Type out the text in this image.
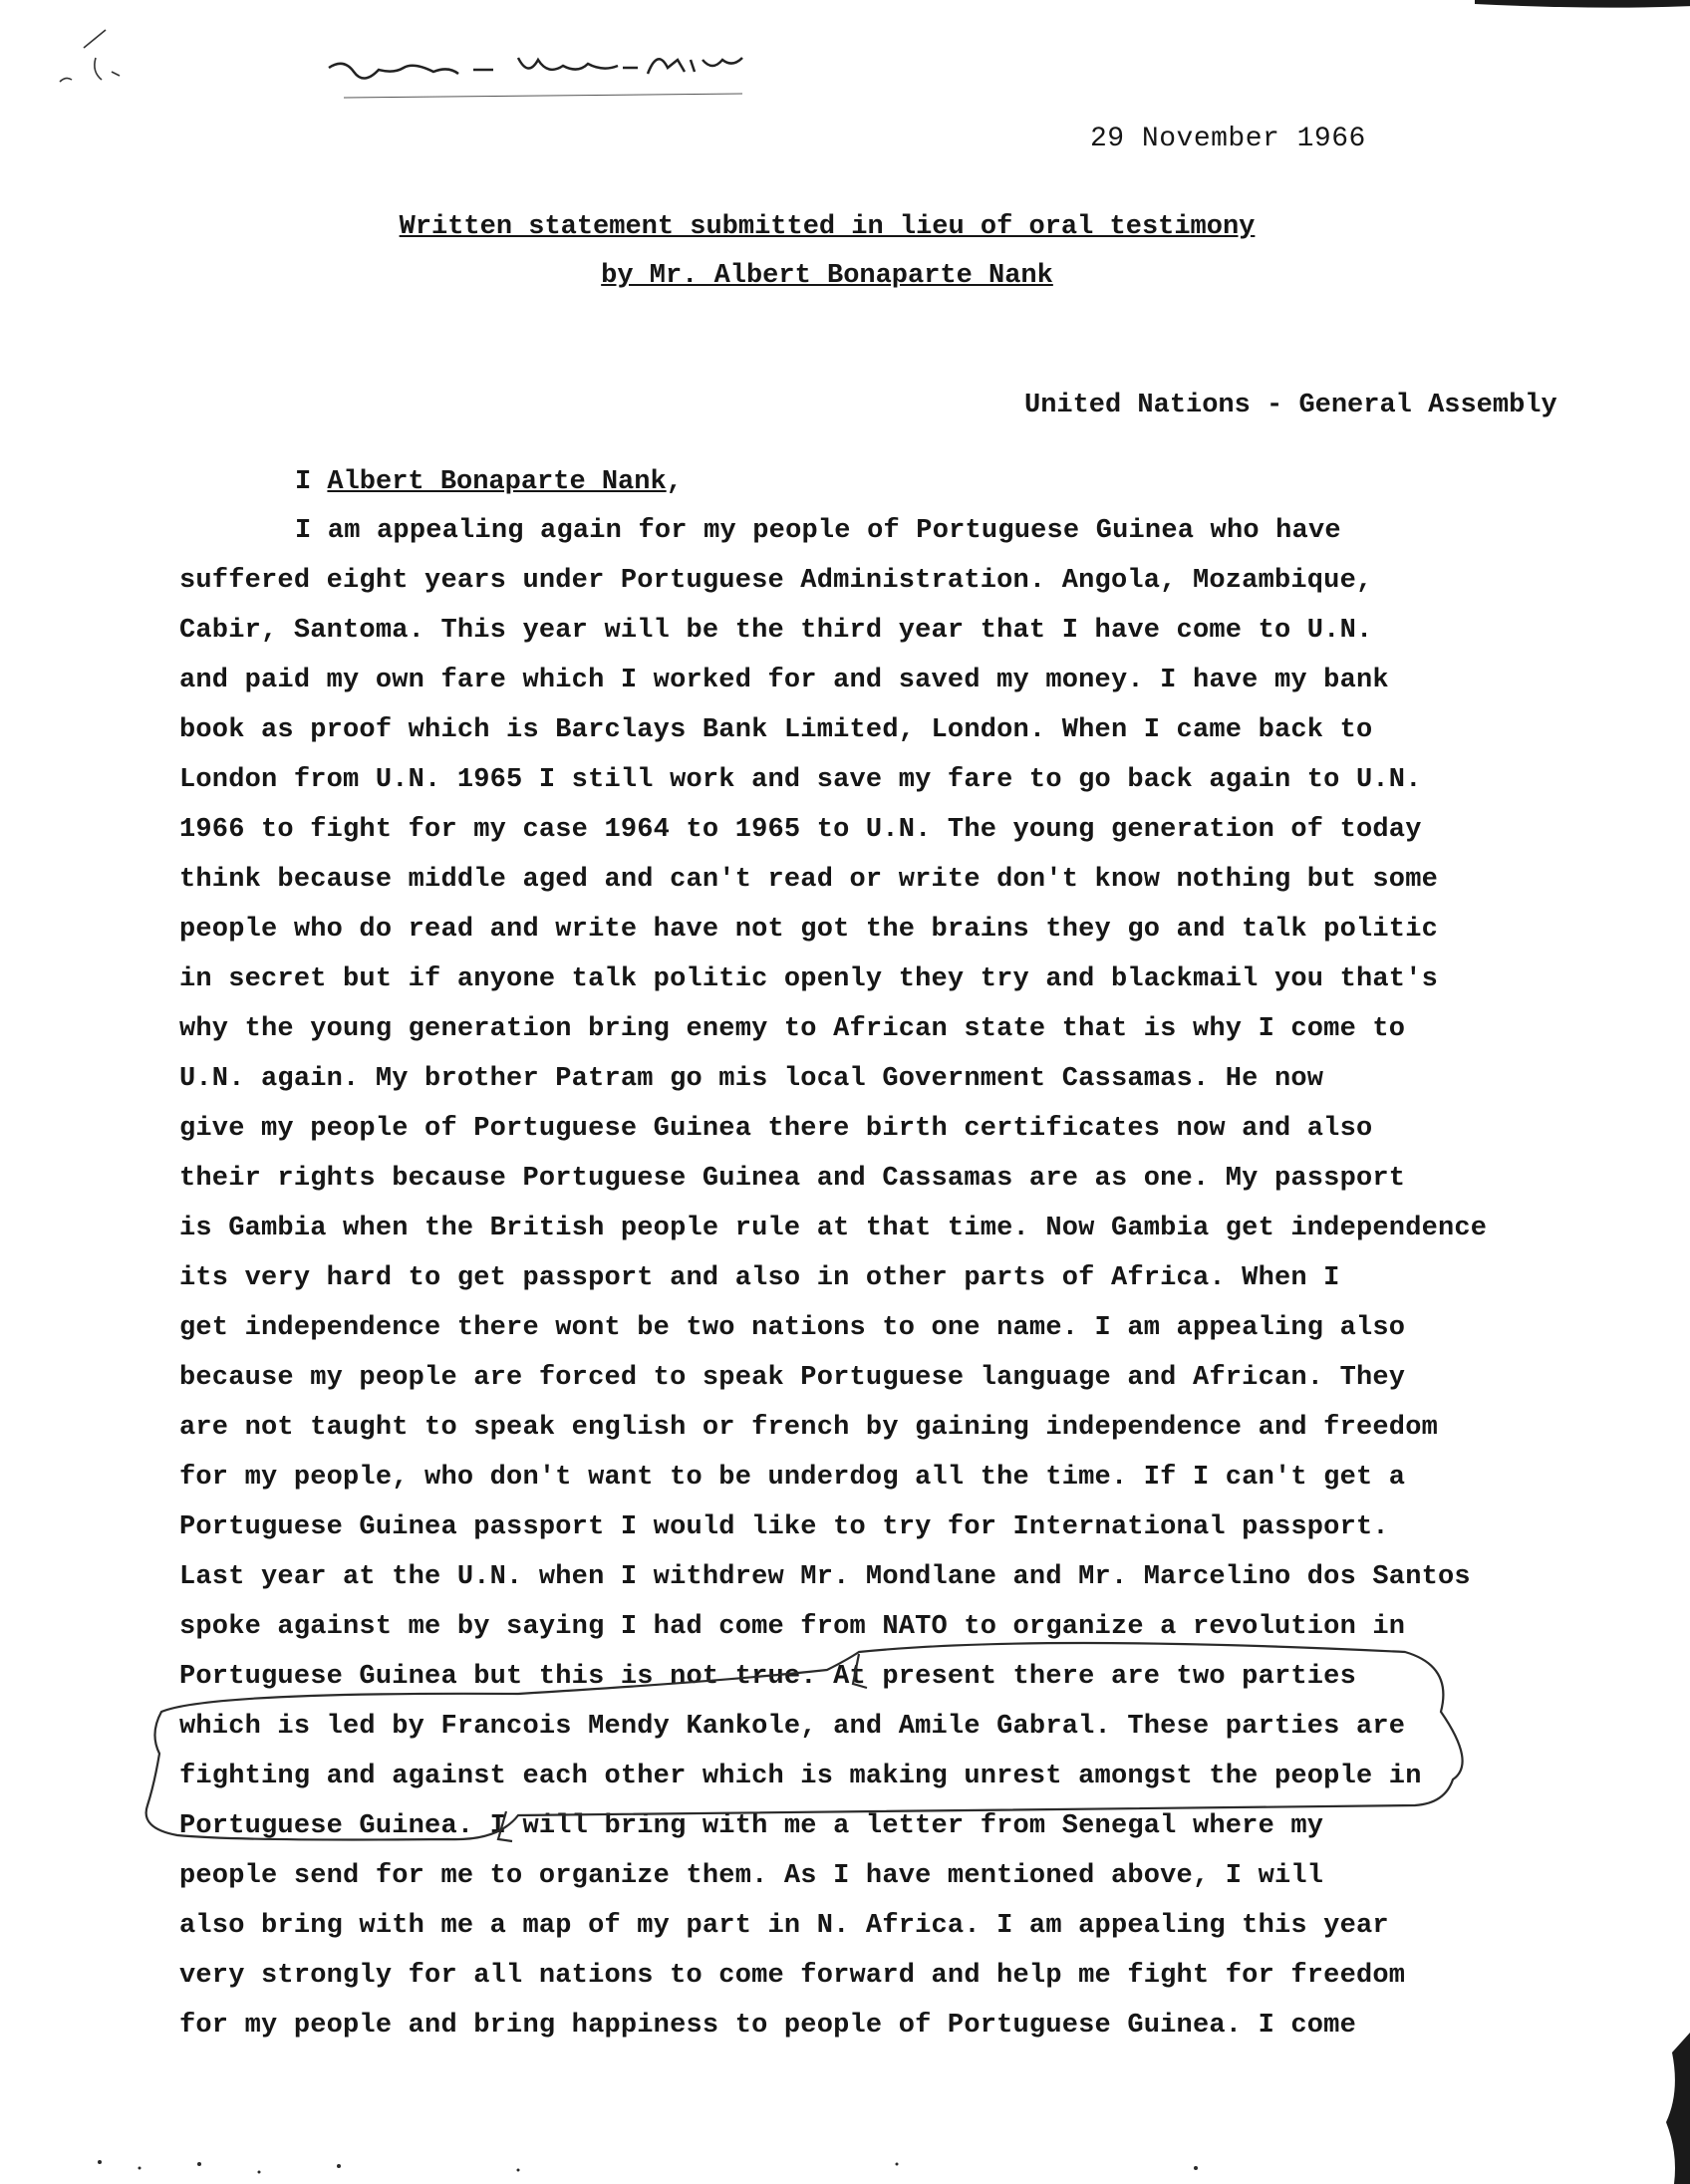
29 November 1966
Written statement submitted in lieu of oral testimony
by Mr. Albert Bonaparte Nank
United Nations - General Assembly
I Albert Bonaparte Nank,
I am appealing again for my people of Portuguese Guinea who have
suffered eight years under Portuguese Administration. Angola, Mozambique,
Cabir, Santoma. This year will be the third year that I have come to U.N.
and paid my own fare which I worked for and saved my money. I have my bank
book as proof which is Barclays Bank Limited, London. When I came back to
London from U.N. 1965 I still work and save my fare to go back again to U.N.
1966 to fight for my case 1964 to 1965 to U.N. The young generation of today
think because middle aged and can't read or write don't know nothing but some
people who do read and write have not got the brains they go and talk politic
in secret but if anyone talk politic openly they try and blackmail you that's
why the young generation bring enemy to African state that is why I come to
U.N. again. My brother Patram go mis local Government Cassamas. He now
give my people of Portuguese Guinea there birth certificates now and also
their rights because Portuguese Guinea and Cassamas are as one. My passport
is Gambia when the British people rule at that time. Now Gambia get independence
its very hard to get passport and also in other parts of Africa. When I
get independence there wont be two nations to one name. I am appealing also
because my people are forced to speak Portuguese language and African. They
are not taught to speak english or french by gaining independence and freedom
for my people, who don't want to be underdog all the time. If I can't get a
Portuguese Guinea passport I would like to try for International passport.
Last year at the U.N. when I withdrew Mr. Mondlane and Mr. Marcelino dos Santos
spoke against me by saying I had come from NATO to organize a revolution in
Portuguese Guinea but this is not true. At present there are two parties
which is led by Francois Mendy Kankole, and Amile Gabral. These parties are
fighting and against each other which is making unrest amongst the people in
Portuguese Guinea. I will bring with me a letter from Senegal where my
people send for me to organize them. As I have mentioned above, I will
also bring with me a map of my part in N. Africa. I am appealing this year
very strongly for all nations to come forward and help me fight for freedom
for my people and bring happiness to people of Portuguese Guinea. I come
